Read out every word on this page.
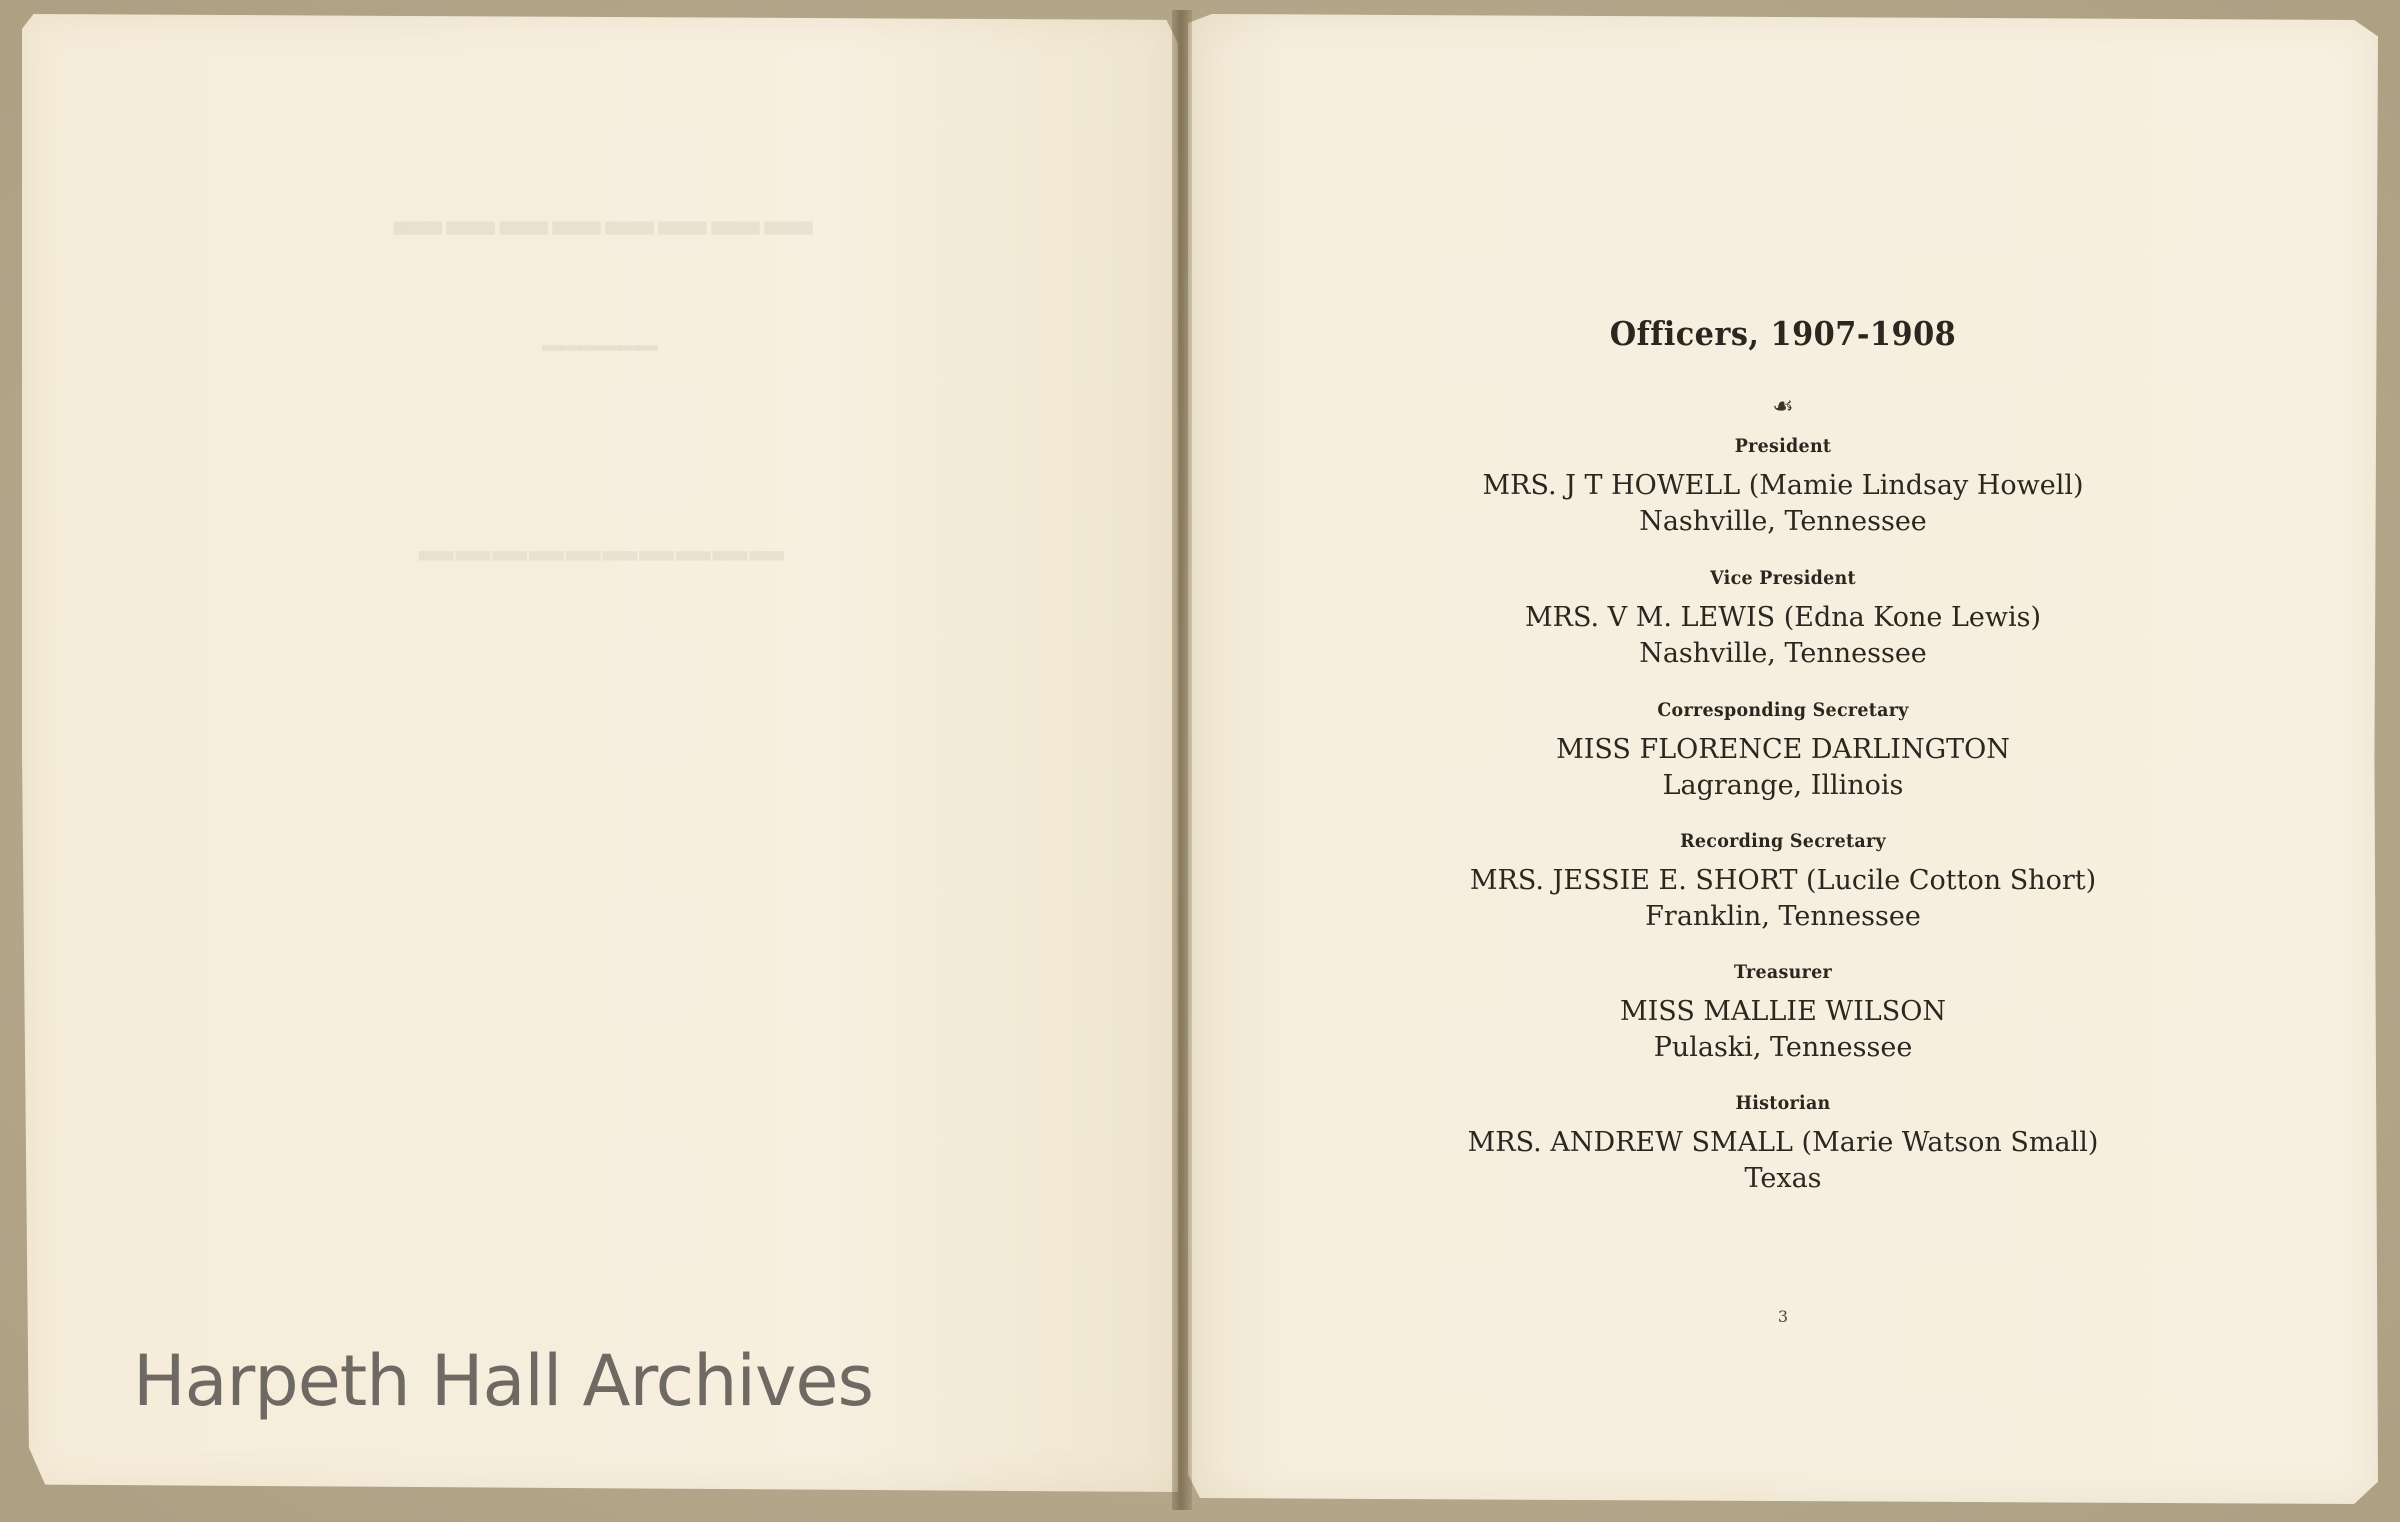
━━━━━━━━
━━━━━━
━━━━━━━━━━
Officers, 1907-1908
☙
President
MRS. J T HOWELL (Mamie Lindsay Howell)
Nashville, Tennessee
Vice President
MRS. V M. LEWIS (Edna Kone Lewis)
Nashville, Tennessee
Corresponding Secretary
MISS FLORENCE DARLINGTON
Lagrange, Illinois
Recording Secretary
MRS. JESSIE E. SHORT (Lucile Cotton Short)
Franklin, Tennessee
Treasurer
MISS MALLIE WILSON
Pulaski, Tennessee
Historian
MRS. ANDREW SMALL (Marie Watson Small)
Texas
3
Harpeth Hall Archives
